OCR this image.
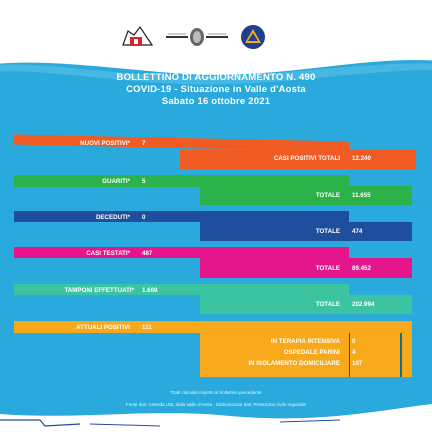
BOLLETTINO DI AGGIORNAMENTO N. 490
COVID-19 - Situazione in Valle d'Aosta
Sabato 16 ottobre 2021
NUOVI POSITIVI* 7
CASI POSITIVI TOTALI 12.240
GUARITI* 5
TOTALE 11.655
DECEDUTI* 0
TOTALE 474
CASI TESTATI* 487
TOTALE 89.452
TAMPONI EFFETTUATI* 1.669
TOTALE 202.994
ATTUALI POSITIVI 111
IN TERAPIA INTENSIVA 0
OSPEDALE PARINI 4
IN ISOLAMENTO DOMICILIARE 107
*Dati calcolati rispetto al bollettino precedente
Fonte dati: Azienda USL della Valle d'Aosta - Elaborazione dati: Protezione civile regionale
